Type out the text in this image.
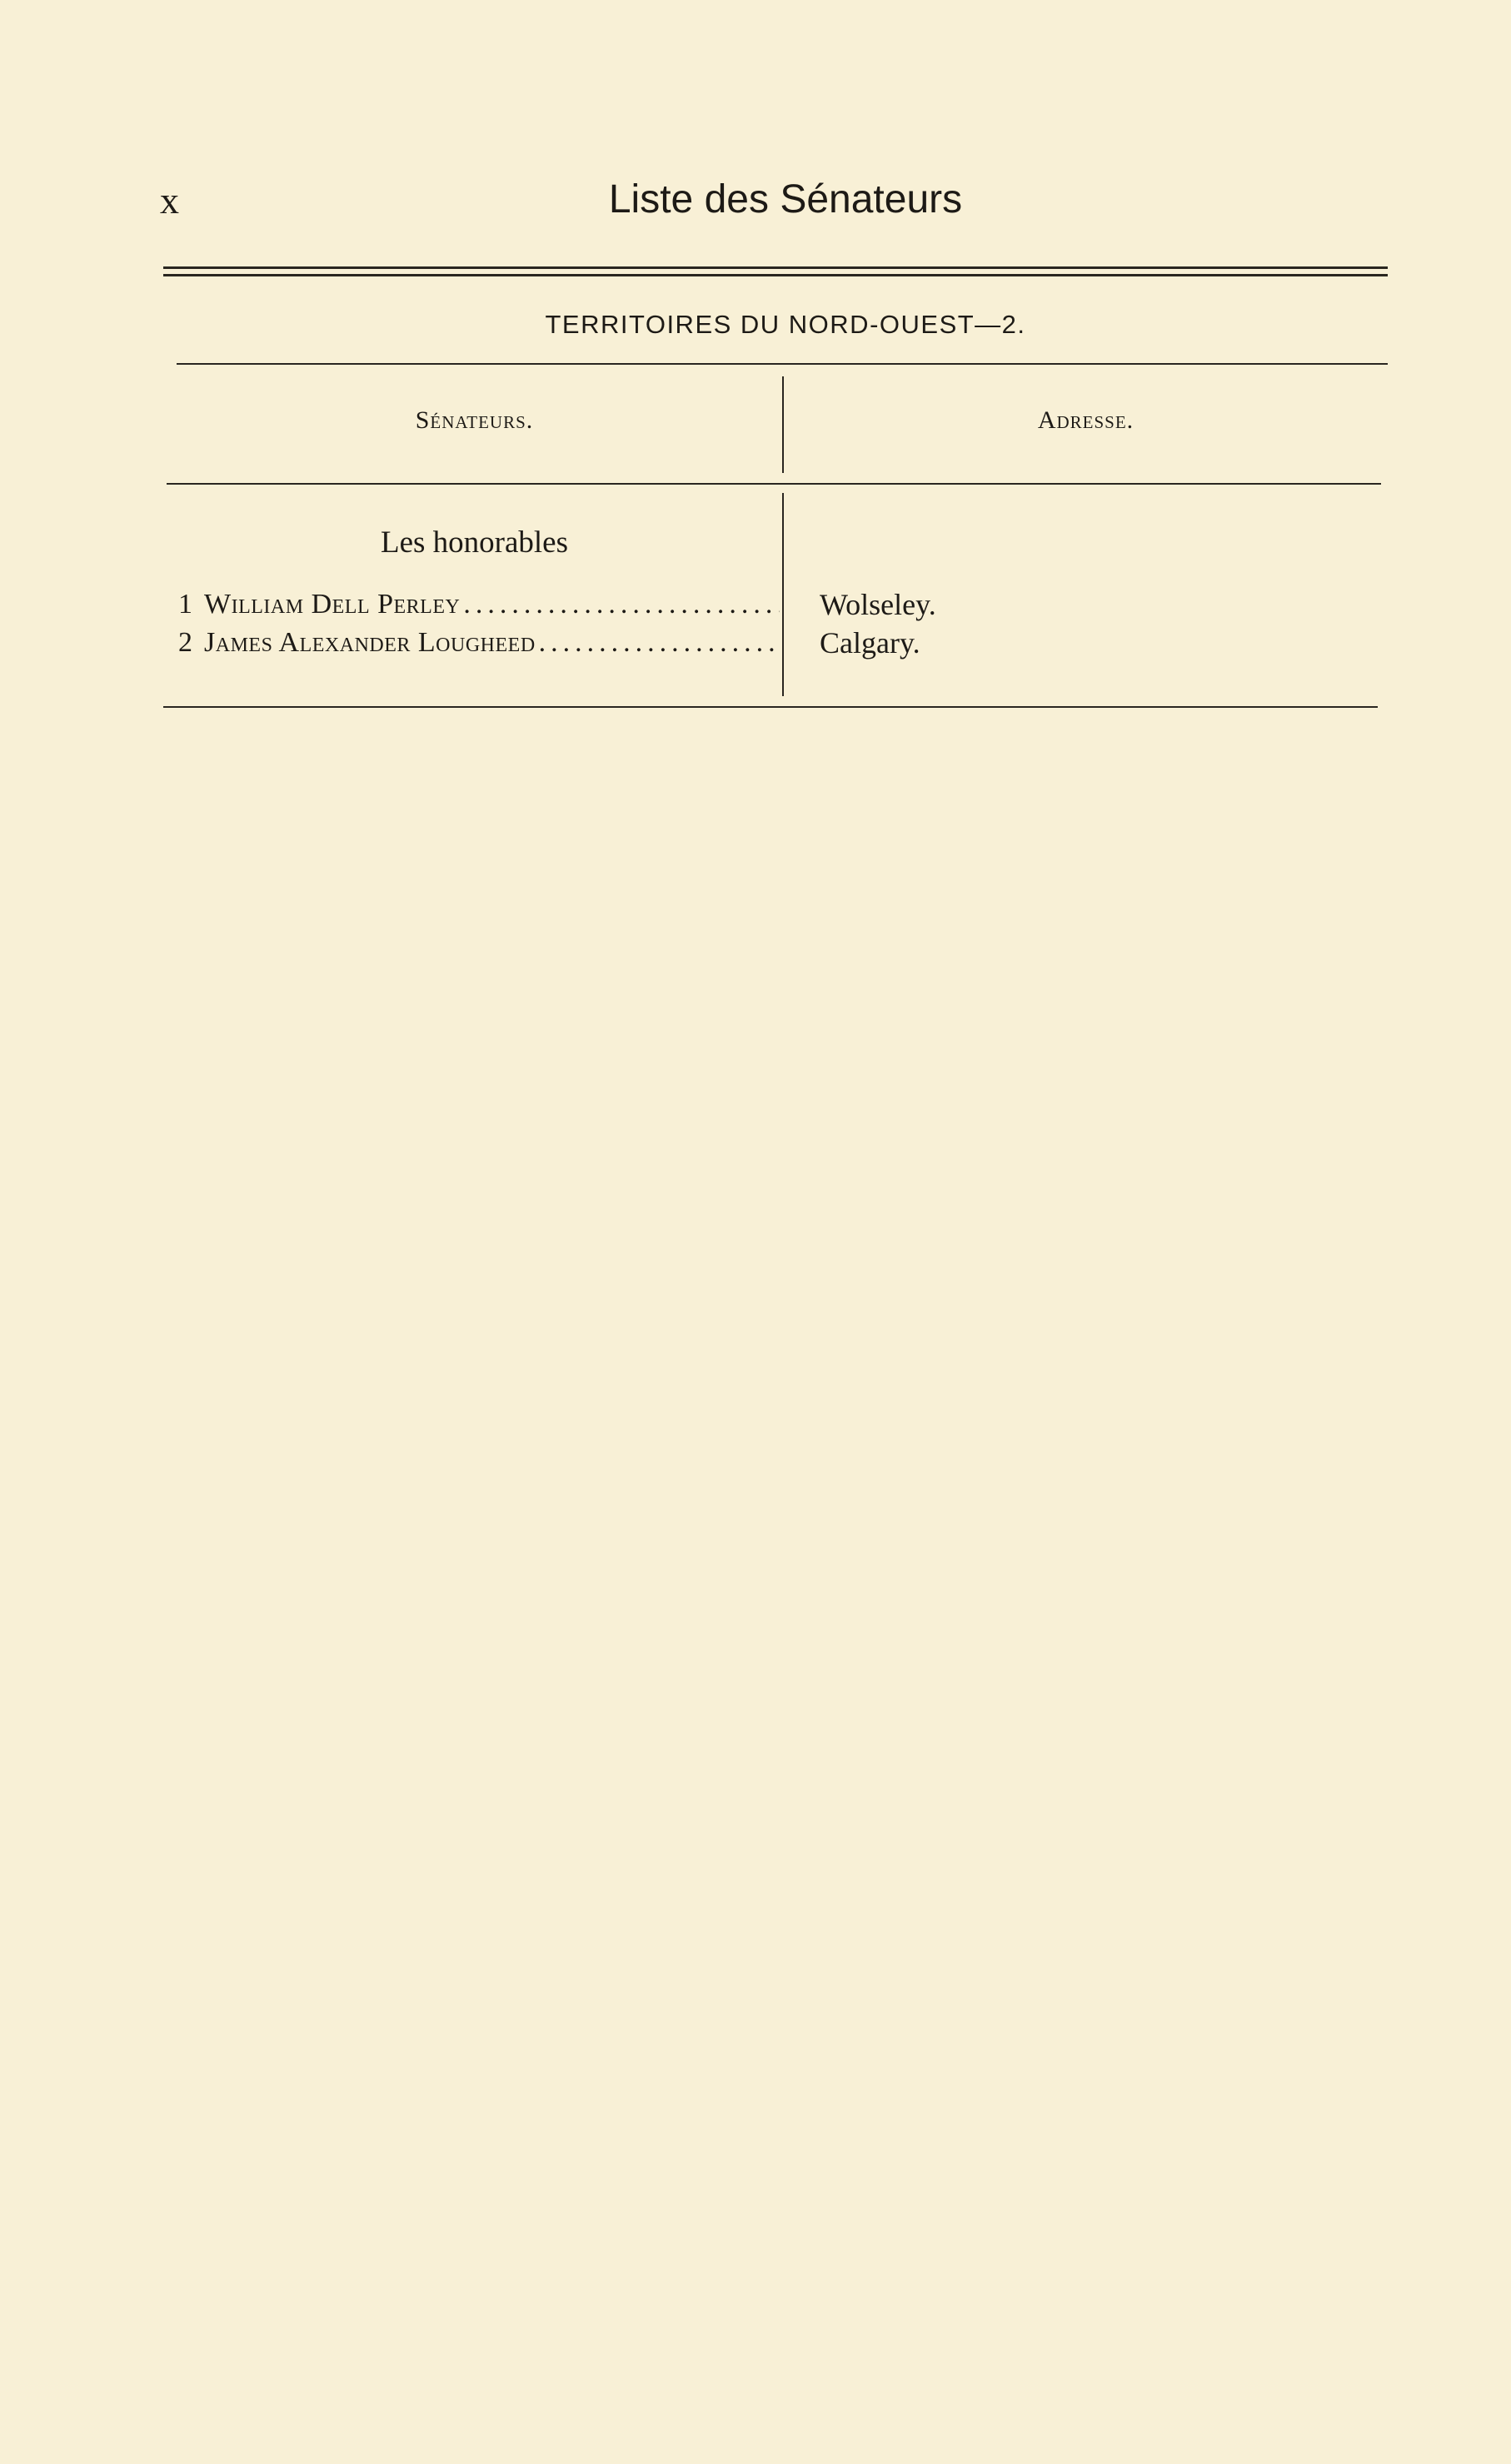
x	Liste des Sénateurs
TERRITOIRES DU NORD-OUEST—2.
Sénateurs.	Adresse.
Les honorables
1 William Dell Perley .....	Wolseley.
2 James Alexander Lougheed .....	Calgary.
